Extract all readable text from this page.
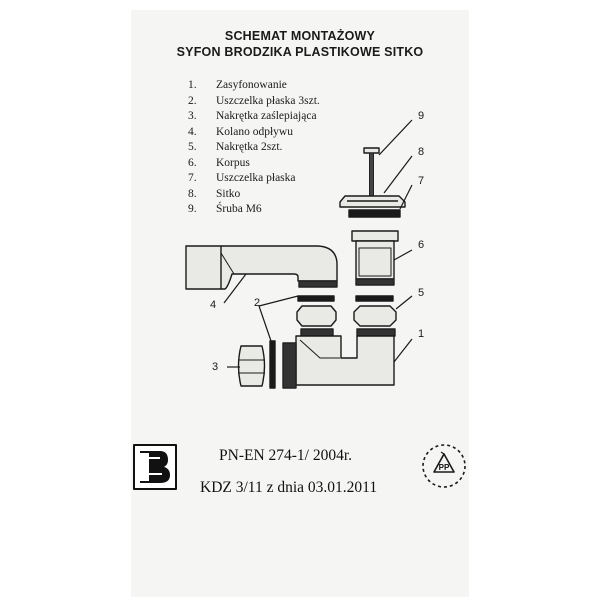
SCHEMAT MONTAŻOWY
SYFON BRODZIKA PLASTIKOWE SITKO
1. Zasyfonowanie
2. Uszczelka płaska 3szt.
3. Nakrętka zaślepiająca
4. Kolano odpływu
5. Nakrętka 2szt.
6. Korpus
7. Uszczelka płaska
8. Sitko
9. Śruba M6
9
8
7
6
5
1
4	2
3
PP
PN-EN 274-1/ 2004r.
KDZ 3/11 z dnia 03.01.2011
